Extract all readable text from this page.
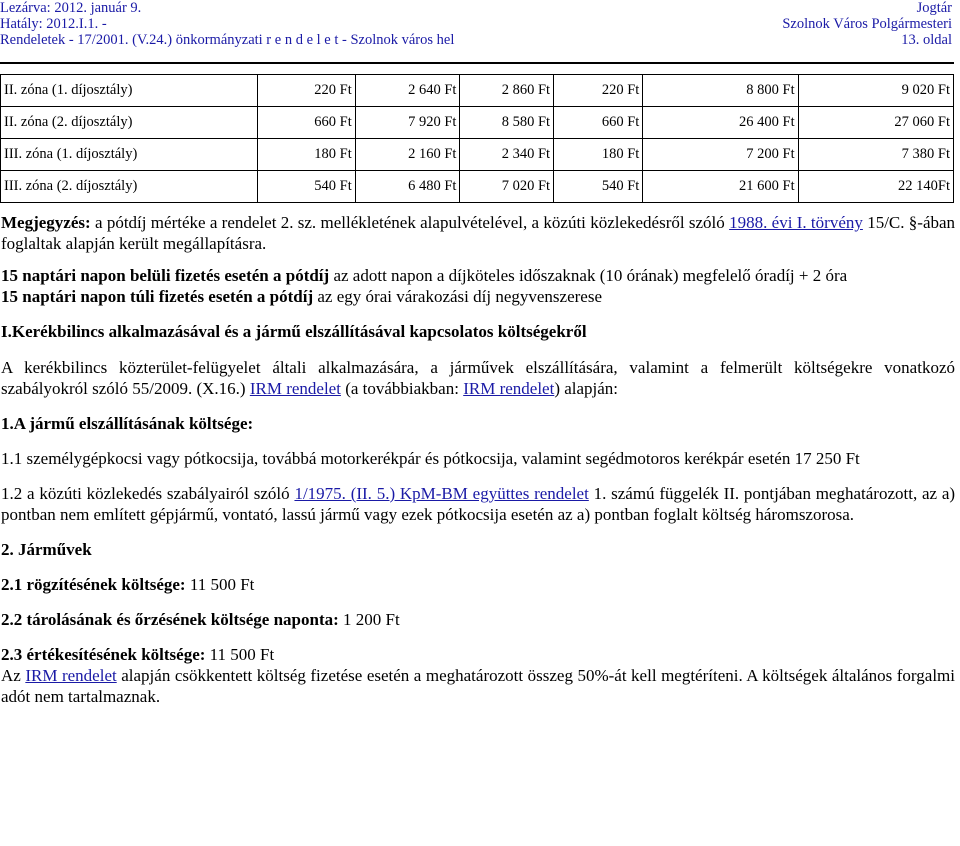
Lezárva: 2012. január 9.
Hatály: 2012.I.1. -
Rendeletek - 17/2001. (V.24.) önkormányzati r e n d e l e t - Szolnok város hel
Jogtár
Szolnok Város Polgármesteri
13. oldal
II. zóna (1. díjosztály)	220 Ft	2 640 Ft	2 860 Ft	220 Ft	8 800 Ft	9 020 Ft
II. zóna (2. díjosztály)	660 Ft	7 920 Ft	8 580 Ft	660 Ft	26 400 Ft	27 060 Ft
III. zóna (1. díjosztály)	180 Ft	2 160 Ft	2 340 Ft	180 Ft	7 200 Ft	7 380 Ft
III. zóna (2. díjosztály)	540 Ft	6 480 Ft	7 020 Ft	540 Ft	21 600 Ft	22 140Ft

Megjegyzés: a pótdíj mértéke a rendelet 2. sz. mellékletének alapulvételével, a közúti közlekedésről szóló 1988. évi I. törvény 15/C. §-ában foglaltak alapján került megállapításra.

15 naptári napon belüli fizetés esetén a pótdíj az adott napon a díjköteles időszaknak (10 órának) megfelelő óradíj + 2 óra

15 naptári napon túli fizetés esetén a pótdíj az egy órai várakozási díj negyvenszerese

I.Kerékbilincs alkalmazásával és a jármű elszállításával kapcsolatos költségekről

A kerékbilincs közterület-felügyelet általi alkalmazására, a járművek elszállítására, valamint a felmerült költségekre vonatkozó szabályokról szóló 55/2009. (X.16.) IRM rendelet (a továbbiakban: IRM rendelet) alapján:

1.A jármű elszállításának költsége:

1.1 személygépkocsi vagy pótkocsija, továbbá motorkerékpár és pótkocsija, valamint segédmotoros kerékpár esetén 17 250 Ft

1.2 a közúti közlekedés szabályairól szóló 1/1975. (II. 5.) KpM-BM együttes rendelet 1. számú függelék II. pontjában meghatározott, az a) pontban nem említett gépjármű, vontató, lassú jármű vagy ezek pótkocsija esetén az a) pontban foglalt költség háromszorosa.

2. Járművek

2.1 rögzítésének költsége: 11 500 Ft

2.2 tárolásának és őrzésének költsége naponta: 1 200 Ft

2.3 értékesítésének költsége: 11 500 Ft

Az IRM rendelet alapján csökkentett költség fizetése esetén a meghatározott összeg 50%-át kell megtéríteni. A költségek általános forgalmi adót nem tartalmaznak.
